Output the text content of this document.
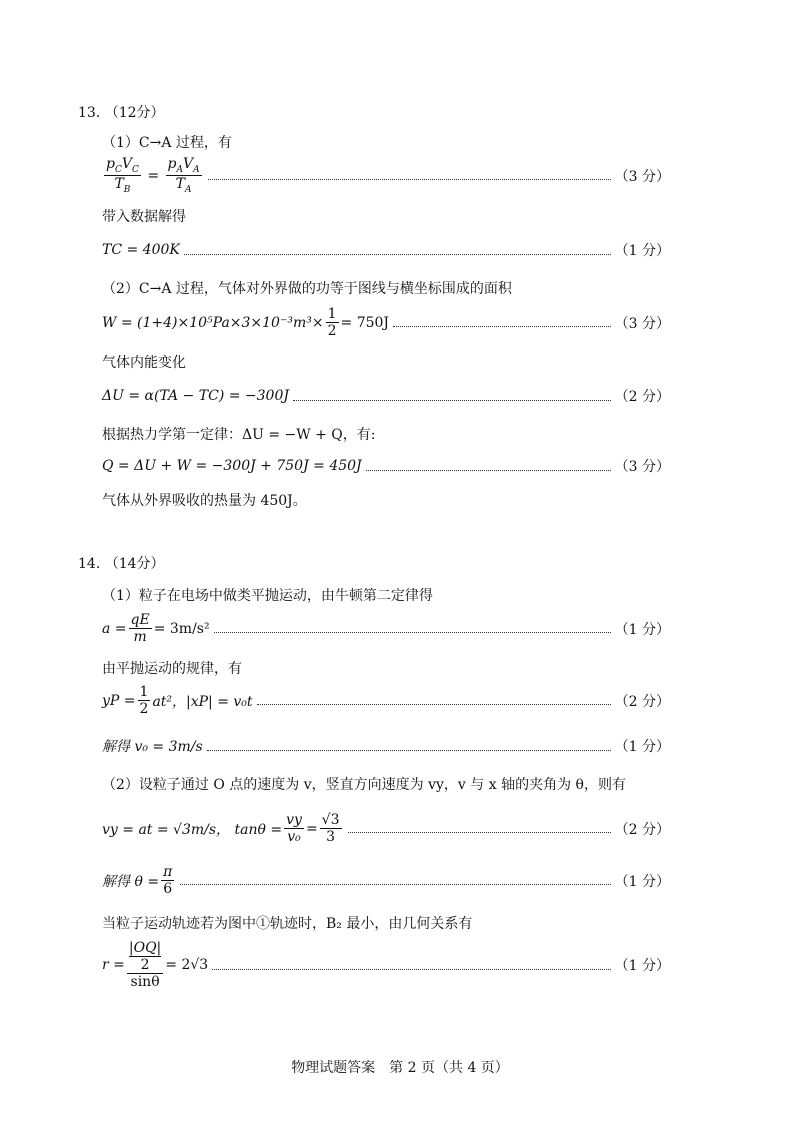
13. （12分）
（1）C→A 过程，有
$\frac{p_CV_C}{T_B} = \frac{p_AV_A}{T_A}$	（3 分）
带入数据解得
TC = 400K	（1 分）
（2）C→A 过程，气体对外界做的功等于图线与横坐标围成的面积
$W = (1+4)\times 10^5Pa\times 3\times 10^{-3}m^3\times \frac{1}{2} = 750J$	（3 分）
气体内能变化
ΔU = α(TA − TC) = −300J	（2 分）
根据热力学第一定律：ΔU = −W + Q，有:
Q = ΔU + W = −300J + 750J = 450J	（3 分）
气体从外界吸收的热量为 450J。
14. （14分）
（1）粒子在电场中做类平抛运动，由牛顿第二定律得
$a = \frac{qE}{m} = 3m/s^2$	（1 分）
由平抛运动的规律，有
yP = $\frac{1}{2} at^2$，|xP| = v₀t	（2 分）
解得 v₀ = 3m/s	（1 分）
（2）设粒子通过 O 点的速度为 v，竖直方向速度为 vy，v 与 x 轴的夹角为 θ，则有
vy = at = √3m/s， $\tan\theta = \frac{vy}{\text{v₀}} = \frac{√3}{3}$	（2 分）
解得 $\theta = \frac{\pi}{6}$	（1 分）
当粒子运动轨迹若为图中①轨迹时，B₂ 最小，由几何关系有
r = |OQ|
2
sinθ = 2√3	（1 分）
物理试题答案　第 2 页（共 4 页）
